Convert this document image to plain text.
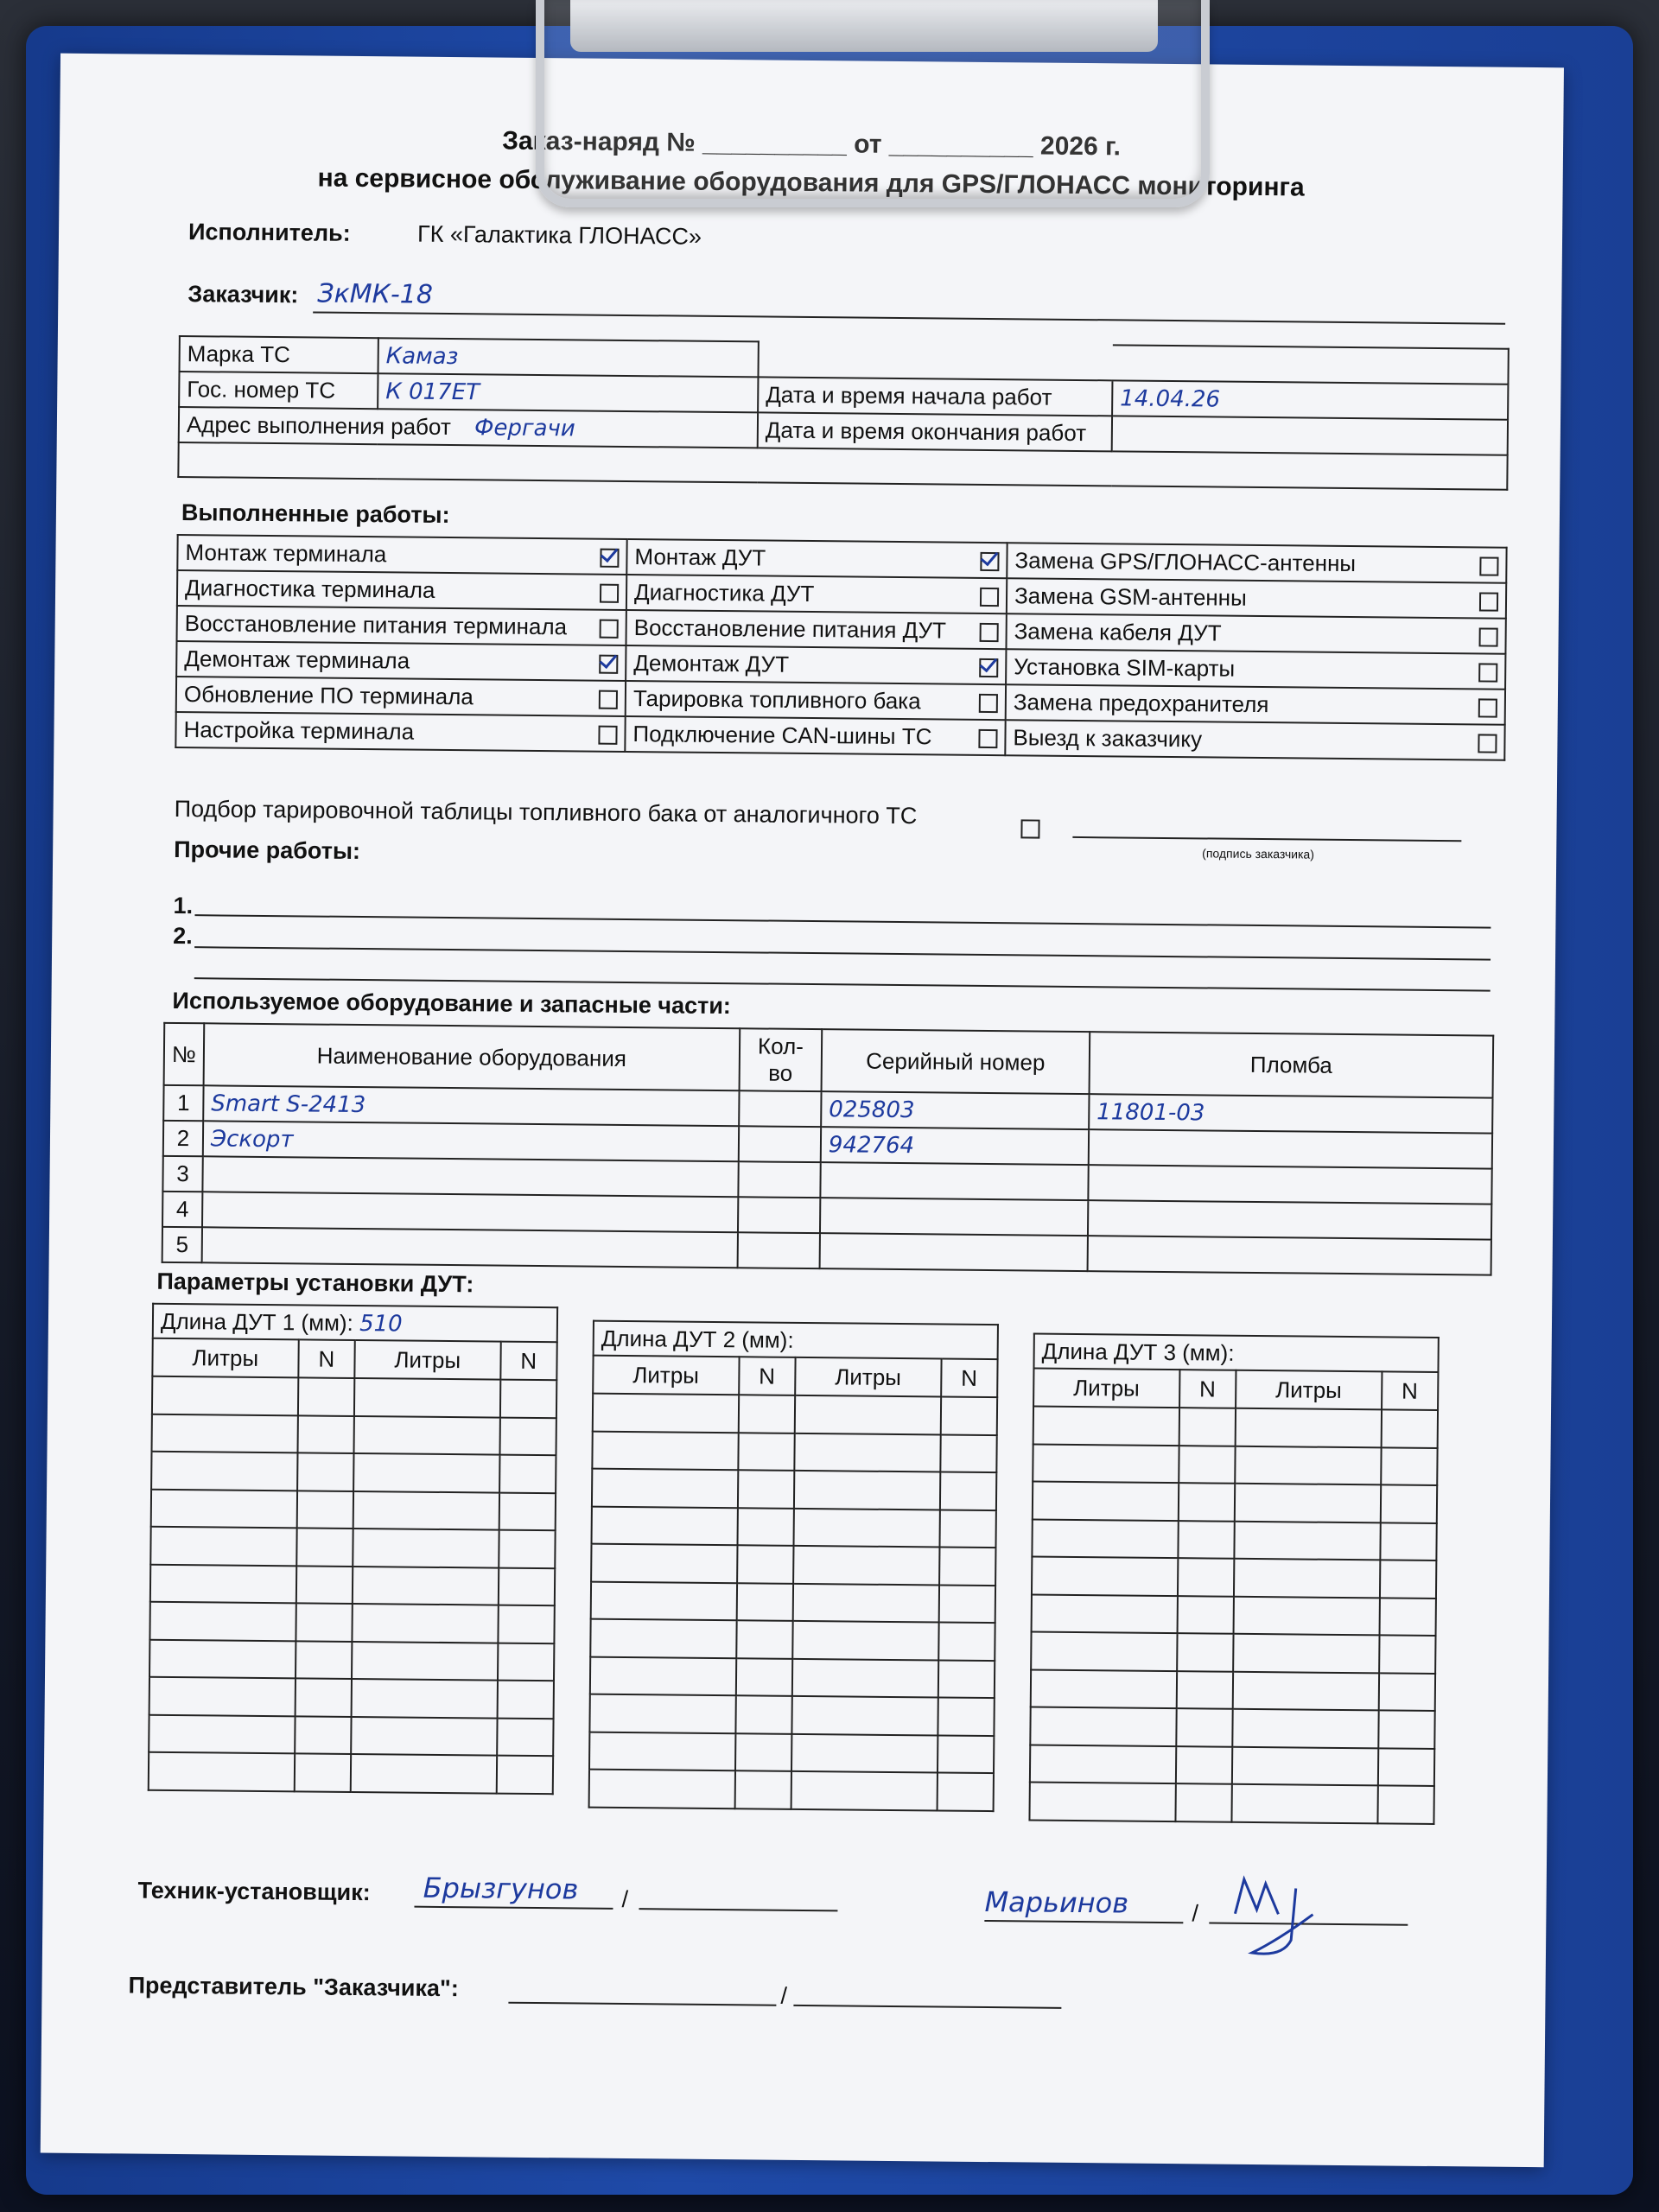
Заказ-наряд № __________ от __________ 2026 г.
на сервисное обслуживание оборудования для GPS/ГЛОНАСС мониторинга
Исполнитель:	ГК «Галактика ГЛОНАСС»
Заказчик: ЗкМК-18
Марка ТС	Камаз		
Гос. номер ТС	К 017ЕТ	Дата и время начала работ	14.04.26
Адрес выполнения работ Фергачи		Дата и время окончания работ	

Выполненные работы:
Монтаж терминала	Монтаж ДУТ	Замена GPS/ГЛОНАСС-антенны

Диагностика терминала	Диагностика ДУТ	Замена GSM-антенны

Восстановление питания терминала	Восстановление питания ДУТ	Замена кабеля ДУТ

Демонтаж терминала	Демонтаж ДУТ	Установка SIM-карты

Обновление ПО терминала	Тарировка топливного бака	Замена предохранителя

Настройка терминала	Подключение CAN-шины ТС	Выезд к заказчику
Подбор тарировочной таблицы топливного бака от аналогичного ТС
(подпись заказчика)
Прочие работы:
1.
2.
Используемое оборудование и запасные части:
№	Наименование оборудования	Кол-во	Серийный номер	Пломба
1	Smart S-2413		025803	11801-03
2	Эскорт		942764	
3				
4				
5				
Параметры установки ДУТ:
Длина ДУТ 1 (мм): 510
Литры	N	Литры	N

Длина ДУТ 2 (мм):
Литры	N	Литры	N

Длина ДУТ 3 (мм):
Литры	N	Литры	N

Техник-установщик: Брызгунов /	Марьинов	/
Представитель "Заказчика":	/
